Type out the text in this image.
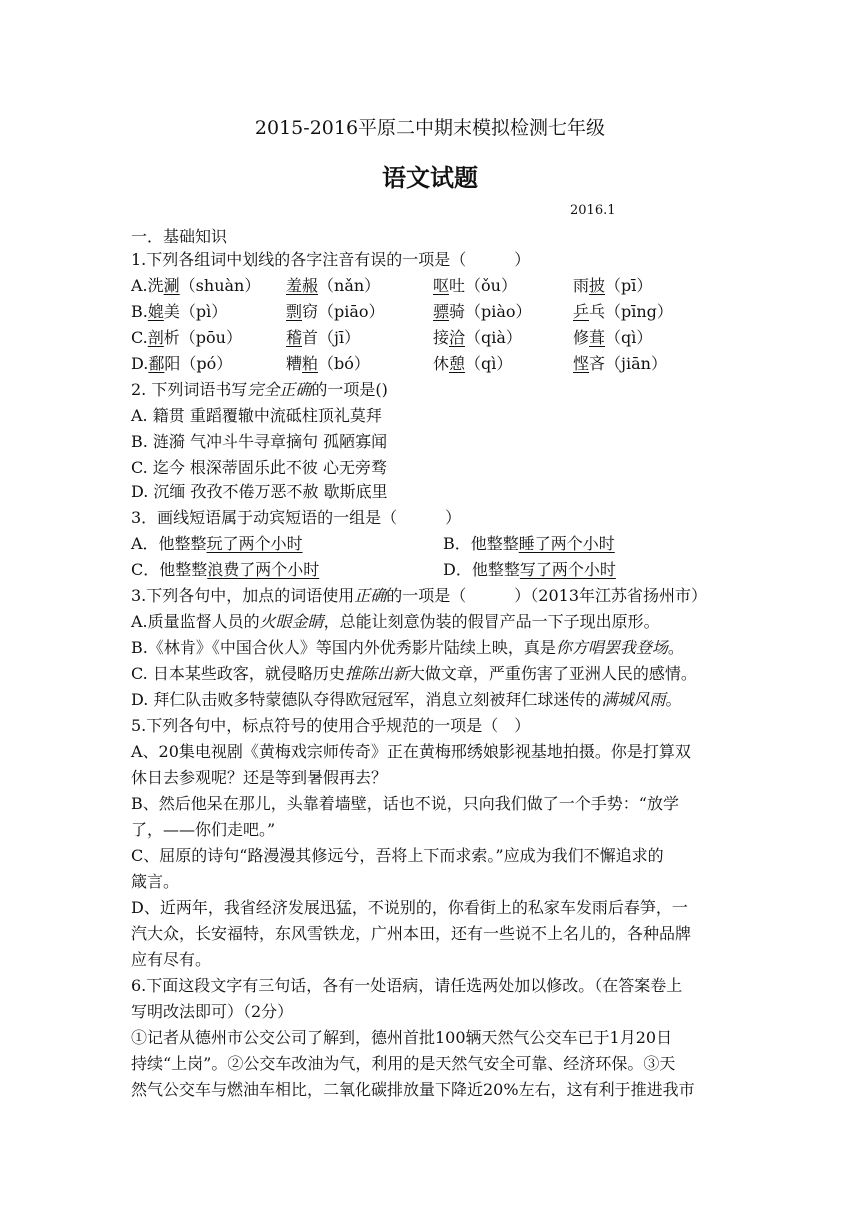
2015-2016平原二中期末模拟检测七年级
语文试题
2016.1
一．基础知识
1.下列各组词中划线的各字注音有误的一项是（　　　）
A.洗涮（shuàn） 羞赧（nǎn）	呕吐（ǒu）	雨披（pī）
B.媲美（pì）	剽窃（piāo）	骠骑（piào）	乒乓（pīng）
C.剖析（pōu）	稽首（jī）	接洽（qià）	修葺（qì）
D.鄱阳（pó）	糟粕（bó）	休憩（qì）	悭吝（jiān）
2. 下列词语书写完全正确的一项是()
A. 籍贯 重蹈覆辙中流砥柱顶礼莫拜
B. 涟漪 气冲斗牛寻章摘句 孤陋寡闻
C. 迄今 根深蒂固乐此不彼 心无旁骛
D. 沉缅 孜孜不倦万恶不赦 歇斯底里
3．画线短语属于动宾短语的一组是（　　　）
A．他整整玩了两个小时	B．他整整睡了两个小时
C．他整整浪费了两个小时	D．他整整写了两个小时
3.下列各句中，加点的词语使用正确的一项是（　　　）（2013年江苏省扬州市）
A.质量监督人员的火眼金睛，总能让刻意伪装的假冒产品一下子现出原形。
B.《林肯》《中国合伙人》等国内外优秀影片陆续上映，真是你方唱罢我登场。
C. 日本某些政客，就侵略历史推陈出新大做文章，严重伤害了亚洲人民的感情。
D. 拜仁队击败多特蒙德队夺得欧冠冠军，消息立刻被拜仁球迷传的满城风雨。
5.下列各句中，标点符号的使用合乎规范的一项是（　）
A、20集电视剧《黄梅戏宗师传奇》正在黄梅邢绣娘影视基地拍摄。你是打算双
休日去参观呢？还是等到暑假再去？
B、然后他呆在那儿，头靠着墙壁，话也不说，只向我们做了一个手势：“放学
了，——你们走吧。”
C、屈原的诗句“路漫漫其修远兮，吾将上下而求索。”应成为我们不懈追求的
箴言。
D、近两年，我省经济发展迅猛，不说别的，你看街上的私家车发雨后春笋，一
汽大众，长安福特，东风雪铁龙，广州本田，还有一些说不上名儿的，各种品牌
应有尽有。
6.下面这段文字有三句话，各有一处语病，请任选两处加以修改。（在答案卷上
写明改法即可）（2分）
①记者从德州市公交公司了解到，德州首批100辆天然气公交车已于1月20日
持续“上岗”。②公交车改油为气，利用的是天然气安全可靠、经济环保。③天
然气公交车与燃油车相比，二氧化碳排放量下降近20%左右，这有利于推进我市
